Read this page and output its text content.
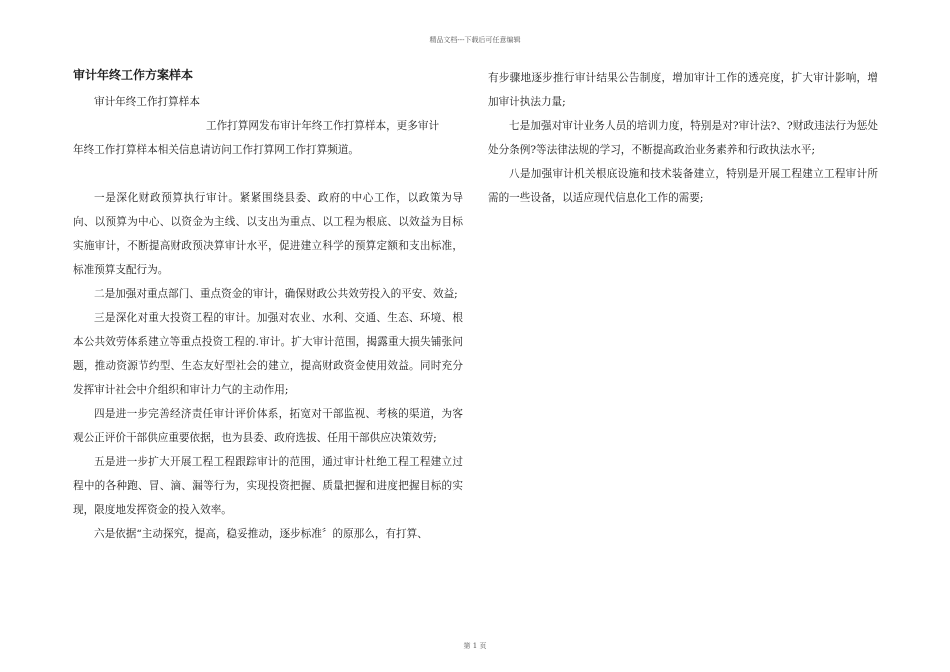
精品文档---下载后可任意编辑
审计年终工作方案样本

审计年终工作打算样本

工作打算网发布审计年终工作打算样本，更多审计

年终工作打算样本相关信息请访问工作打算网工作打算频道。

一是深化财政预算执行审计。紧紧围绕县委、政府的中心工作，以政策为导向、以预算为中心、以资金为主线、以支出为重点、以工程为根底、以效益为目标实施审计，不断提高财政预决算审计水平，促进建立科学的预算定额和支出标准，标准预算支配行为。

二是加强对重点部门、重点资金的审计，确保财政公共效劳投入的平安、效益;

三是深化对重大投资工程的审计。加强对农业、水利、交通、生态、环境、根本公共效劳体系建立等重点投资工程的.审计。扩大审计范围，揭露重大损失铺张问题，推动资源节约型、生态友好型社会的建立，提高财政资金使用效益。同时充分发挥审计社会中介组织和审计力气的主动作用;

四是进一步完善经济责任审计评价体系，拓宽对干部监视、考核的渠道，为客观公正评价干部供应重要依据，也为县委、政府选拔、任用干部供应决策效劳;

五是进一步扩大开展工程工程跟踪审计的范围，通过审计杜绝工程工程建立过程中的各种跑、冒、滴、漏等行为，实现投资把握、质量把握和进度把握目标的实现，限度地发挥资金的投入效率。

六是依据“主动探究，提高，稳妥推动，逐步标准〞的原那么，有打算、

有步骤地逐步推行审计结果公告制度，增加审计工作的透亮度，扩大审计影响，增加审计执法力量;

七是加强对审计业务人员的培训力度，特别是对?审计法?、?财政违法行为惩处处分条例?等法律法规的学习，不断提高政治业务素养和行政执法水平;

八是加强审计机关根底设施和技术装备建立，特别是开展工程建立工程审计所需的一些设备，以适应现代信息化工作的需要;

第 1 页
